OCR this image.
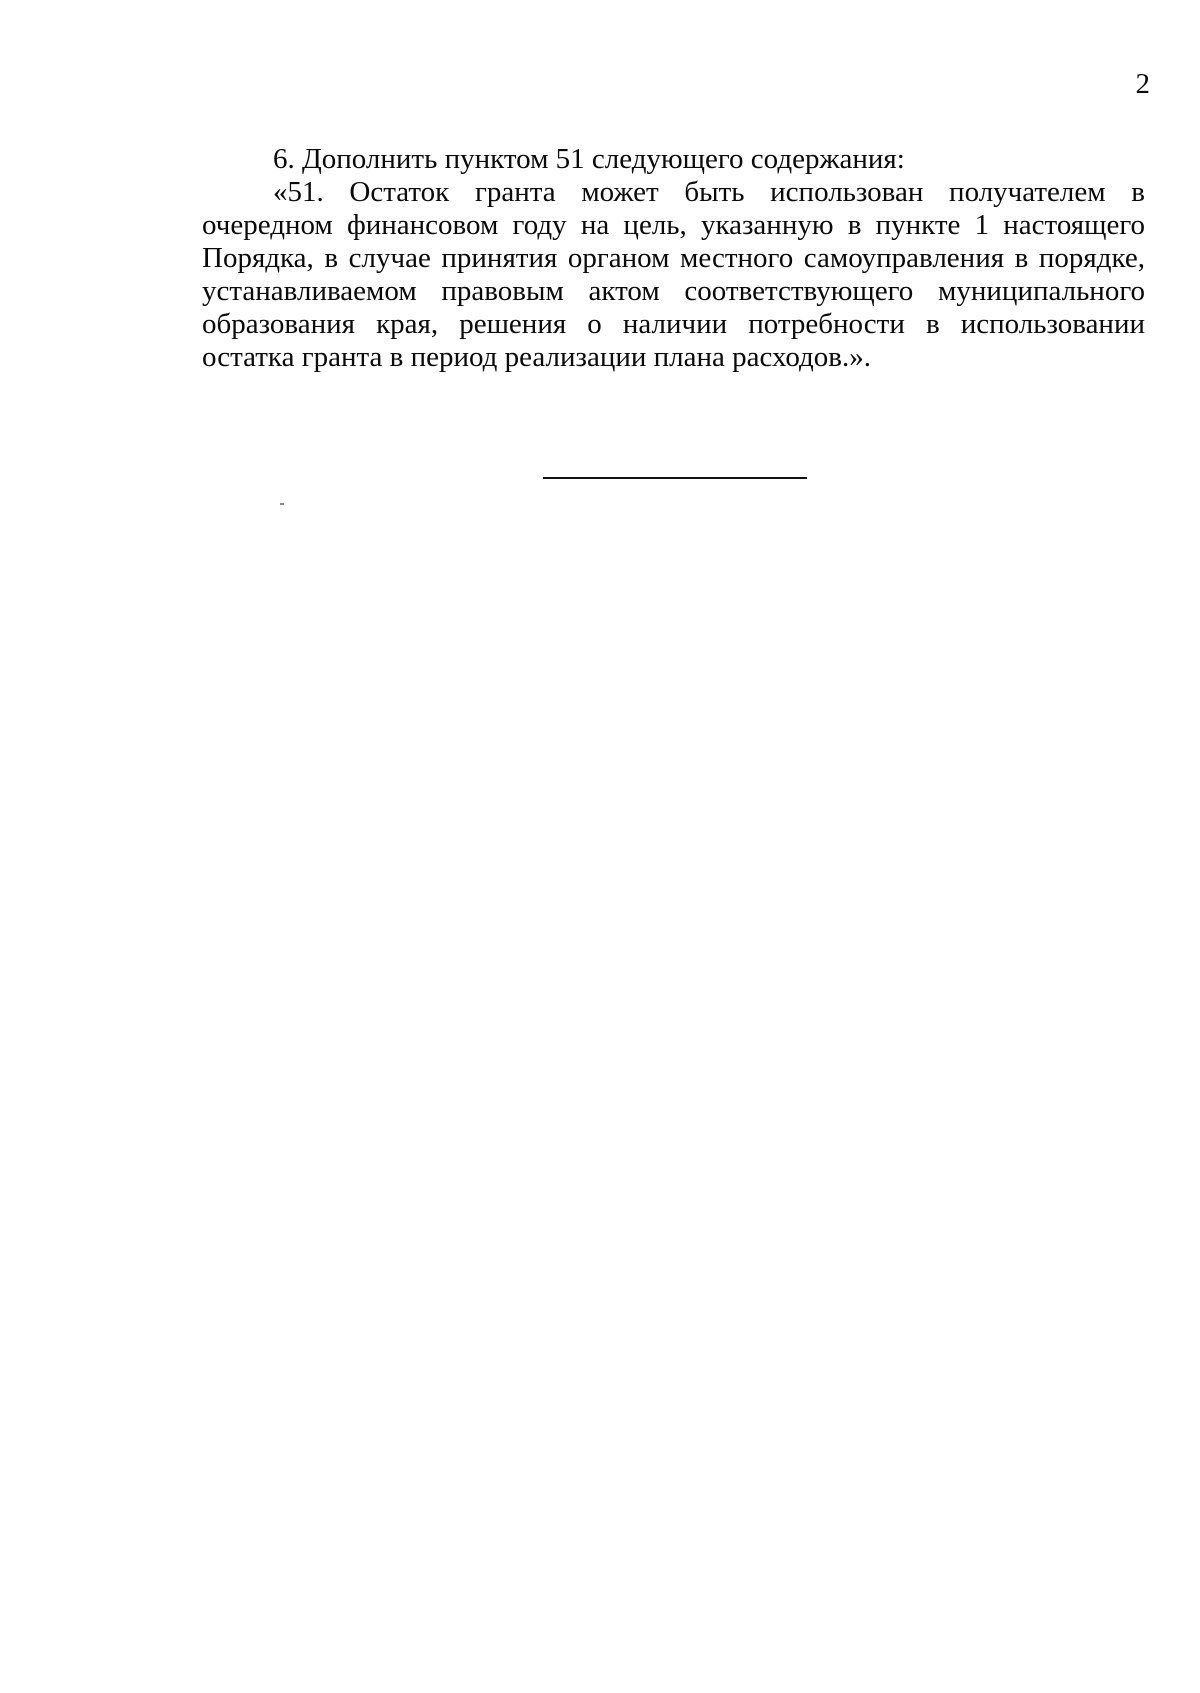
2

6. Дополнить пунктом 51 следующего содержания:

«51. Остаток гранта может быть использован получателем в очередном финансовом году на цель, указанную в пункте 1 настоящего Порядка, в случае принятия органом местного самоуправления в порядке, устанавливаемом правовым актом соответствующего муниципального образования края, решения о наличии потребности в использовании остатка гранта в период реализации плана расходов.».
